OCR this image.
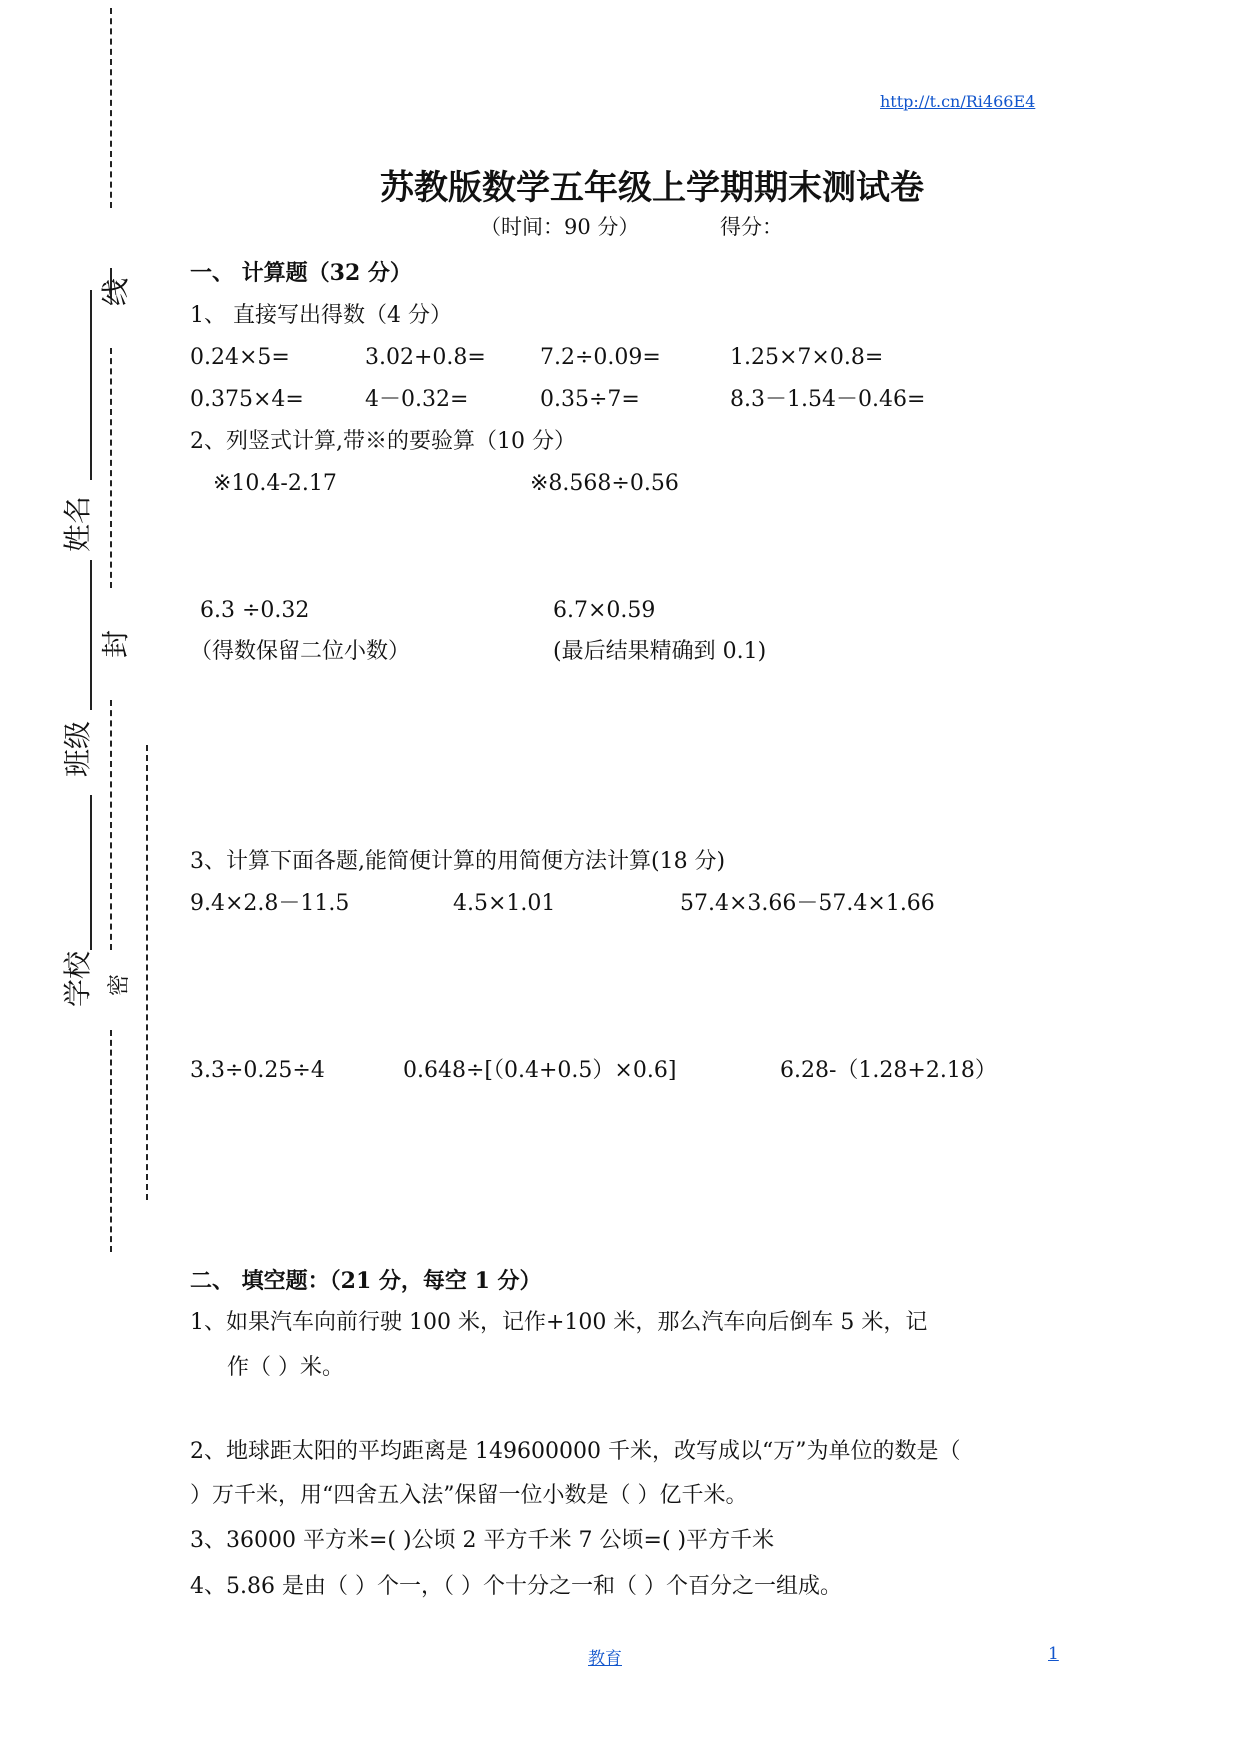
线
姓名
封
班级
学校 密
http://t.cn/Ri466E4
苏教版数学五年级上学期期末测试卷
（时间：90 分）	得分：
一、 计算题（32 分）
1、 直接写出得数（4 分）
0.24×5=	3.02+0.8= 7.2÷0.09=	1.25×7×0.8=
0.375×4=	4－0.32=	0.35÷7=	8.3－1.54－0.46=
2、列竖式计算,带※的要验算（10 分）
※10.4-2.17	※8.568÷0.56
6.3 ÷0.32	6.7×0.59
（得数保留二位小数）	(最后结果精确到 0.1)
3、计算下面各题,能简便计算的用简便方法计算(18 分)
9.4×2.8－11.5	4.5×1.01	57.4×3.66－57.4×1.66
3.3÷0.25÷4	0.648÷[（0.4+0.5）×0.6]	6.28-（1.28+2.18）
二、 填空题：（21 分，每空 1 分）
1、如果汽车向前行驶 100 米，记作+100 米，那么汽车向后倒车 5 米，记
作（ ）米。
2、地球距太阳的平均距离是 149600000 千米，改写成以“万”为单位的数是（
）万千米，用“四舍五入法”保留一位小数是（ ）亿千米。
3、36000 平方米=( )公顷 2 平方千米 7 公顷=( )平方千米
4、5.86 是由（ ）个一，（ ）个十分之一和（ ）个百分之一组成。
教育	1
